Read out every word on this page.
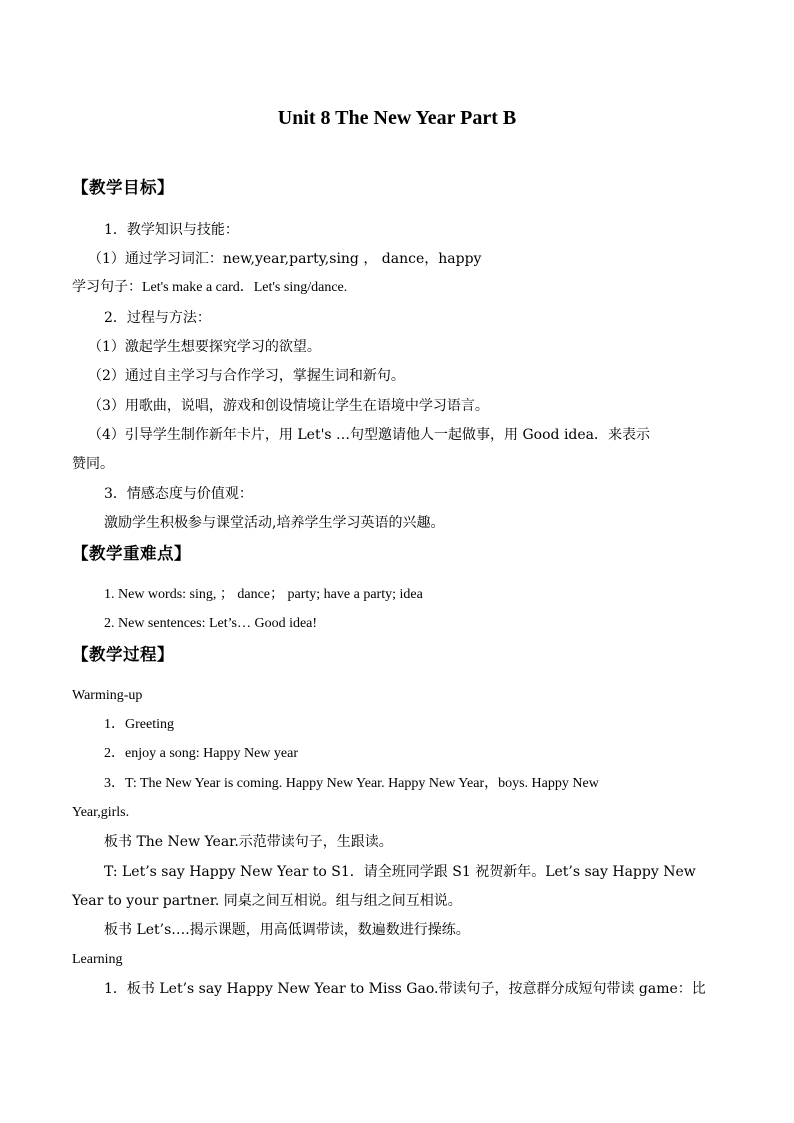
Unit 8 The New Year Part B
【教学目标】
1．教学知识与技能：
（1）通过学习词汇：new,year,party,sing ， dance，happy
学习句子：Let's make a card．Let's sing/dance.
2．过程与方法：
（1）激起学生想要探究学习的欲望。
（2）通过自主学习与合作学习，掌握生词和新句。
（3）用歌曲，说唱，游戏和创设情境让学生在语境中学习语言。
（4）引导学生制作新年卡片，用 Let's …句型邀请他人一起做事，用 Good idea．来表示
赞同。
3．情感态度与价值观：
激励学生积极参与课堂活动,培养学生学习英语的兴趣。
【教学重难点】
1. New words: sing, ； dance； party; have a party; idea
2. New sentences: Let’s… Good idea!
【教学过程】
Warming-up
1．Greeting
2．enjoy a song: Happy New year
3．T: The New Year is coming. Happy New Year. Happy New Year，boys. Happy New
Year,girls.
板书 The New Year.示范带读句子，生跟读。
T: Let’s say Happy New Year to S1．请全班同学跟 S1 祝贺新年。Let’s say Happy New
Year to your partner. 同桌之间互相说。组与组之间互相说。
板书 Let’s….揭示课题，用高低调带读，数遍数进行操练。
Learning
1．板书 Let’s say Happy New Year to Miss Gao.带读句子，按意群分成短句带读 game：比
